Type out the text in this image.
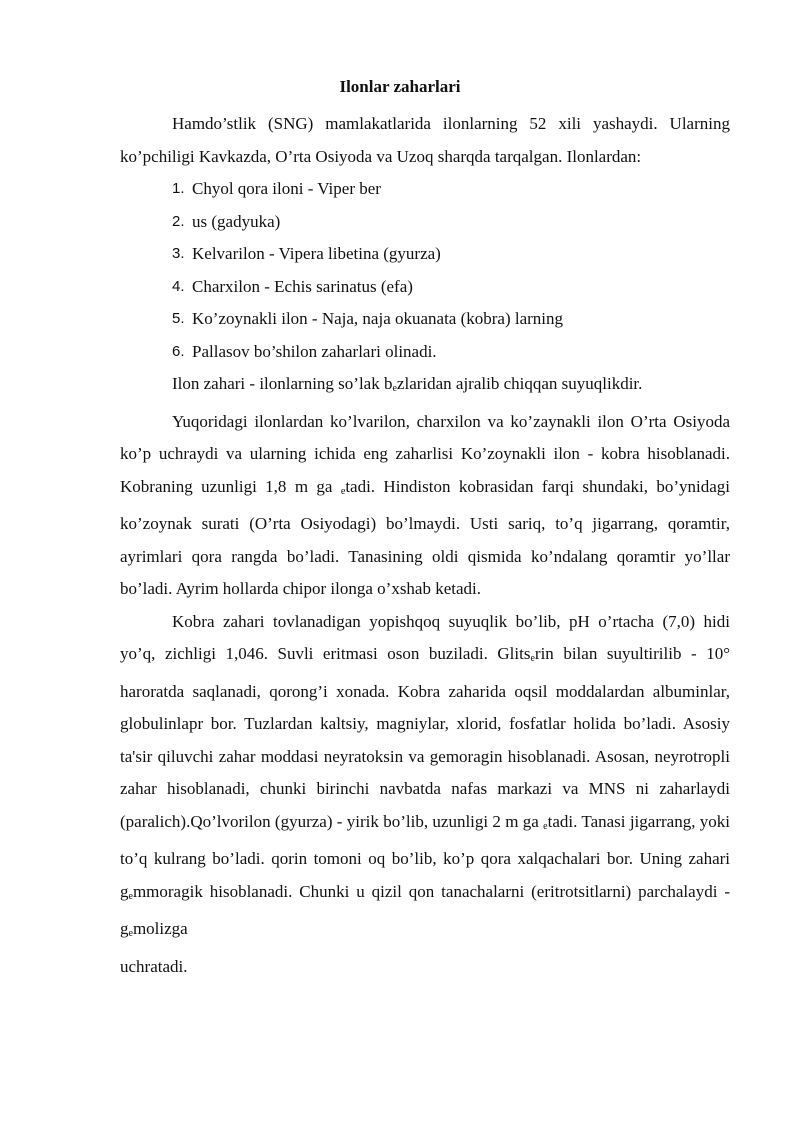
Ilonlar zaharlari

Hamdo’stlik (SNG) mamlakatlarida ilonlarning 52 xili yashaydi. Ularning ko’pchiligi Kavkazda, O’rta Osiyoda va Uzoq sharqda tarqalgan. Ilonlardan:

1. Chyol qora iloni - Viper ber
2. us (gadyuka)
3. Kelvarilon - Vipera libetina (gyurza)
4. Charxilon - Echis sarinatus (efa)
5. Ko’zoynakli ilon - Naja, naja okuanata (kobra) larning
6. Pallasov bo’shilon zaharlari olinadi.

Ilon zahari - ilonlarning so’lak $b_ezlaridan$ ajralib chiqqan suyuqlikdir.

Yuqoridagi ilonlardan ko’lvarilon, charxilon va ko’zaynakli ilon O’rta Osiyoda ko’p uchraydi va ularning ichida eng zaharlisi Ko’zoynakli ilon - kobra hisoblanadi. Kobraning uzunligi 1,8 m ga $_e$tadi. Hindiston kobrasidan farqi shundaki, bo’ynidagi ko’zoynak surati (O’rta Osiyodagi) bo’lmaydi. Usti sariq, to’q jigarrang, qoramtir, ayrimlari qora rangda bo’ladi. Tanasining oldi qismida ko’ndalang qoramtir yo’llar bo’ladi. Ayrim hollarda chipor ilonga o’xshab ketadi.

Kobra zahari tovlanadigan yopishqoq suyuqlik bo’lib, pH o’rtacha (7,0) hidi yo’q, zichligi 1,046. Suvli eritmasi oson buziladi. Glits$_e$rin bilan suyultirilib - 10° haroratda saqlanadi, qorong’i xonada. Kobra zaharida oqsil moddalardan albuminlar, globulinlapr bor. Tuzlardan kaltsiy, magniylar, xlorid, fosfatlar holida bo’ladi. Asosiy ta'sir qiluvchi zahar moddasi neyratoksin va gemoragin hisoblanadi. Asosan, neyrotropli zahar hisoblanadi, chunki birinchi navbatda nafas markazi va MNS ni zaharlaydi (paralich).Qo’lvorilon (gyurza) - yirik bo’lib, uzunligi 2 m ga $_e$tadi. Tanasi jigarrang, yoki to’q kulrang bo’ladi. qorin tomoni oq bo’lib, ko’p qora xalqachalari bor. Uning zahari $g_emmoragik$ hisoblanadi. Chunki u qizil qon tanachalarni (eritrotsitlarni) parchalaydi - $g_emolizga$

uchratadi.
